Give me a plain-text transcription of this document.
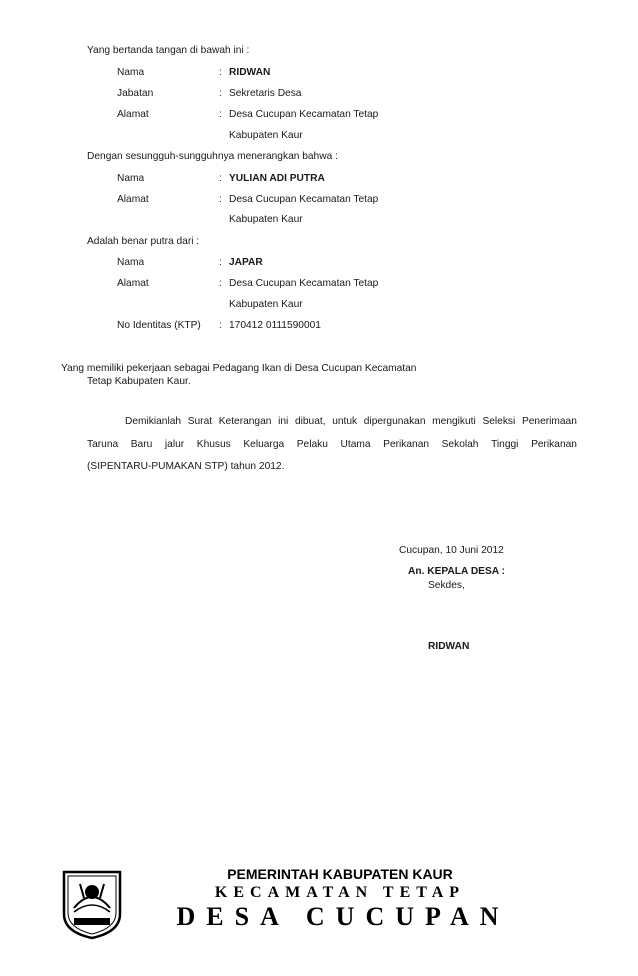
Yang bertanda tangan di bawah ini :
Nama	: RIDWAN
Jabatan	: Sekretaris Desa
Alamat	: Desa Cucupan Kecamatan Tetap
Kabupaten Kaur
Dengan sesungguh-sungguhnya menerangkan bahwa :
Nama	: YULIAN ADI PUTRA
Alamat	: Desa Cucupan Kecamatan Tetap
Kabupaten Kaur
Adalah benar putra dari :
Nama	: JAPAR
Alamat	: Desa Cucupan Kecamatan Tetap
Kabupaten Kaur
No Identitas (KTP) : 170412 0111590001
Yang memiliki pekerjaan sebagai Pedagang Ikan di Desa Cucupan Kecamatan
Tetap Kabupaten Kaur.
Demikianlah Surat Keterangan ini dibuat, untuk dipergunakan mengikuti Seleksi Penerimaan
Taruna Baru jalur Khusus Keluarga Pelaku Utama Perikanan Sekolah Tinggi Perikanan
(SIPENTARU-PUMAKAN STP) tahun 2012.
Cucupan, 10 Juni 2012
An. KEPALA DESA :
Sekdes,
RIDWAN
PEMERINTAH KABUPATEN KAUR
KECAMATAN TETAP
DESA CUCUPAN
